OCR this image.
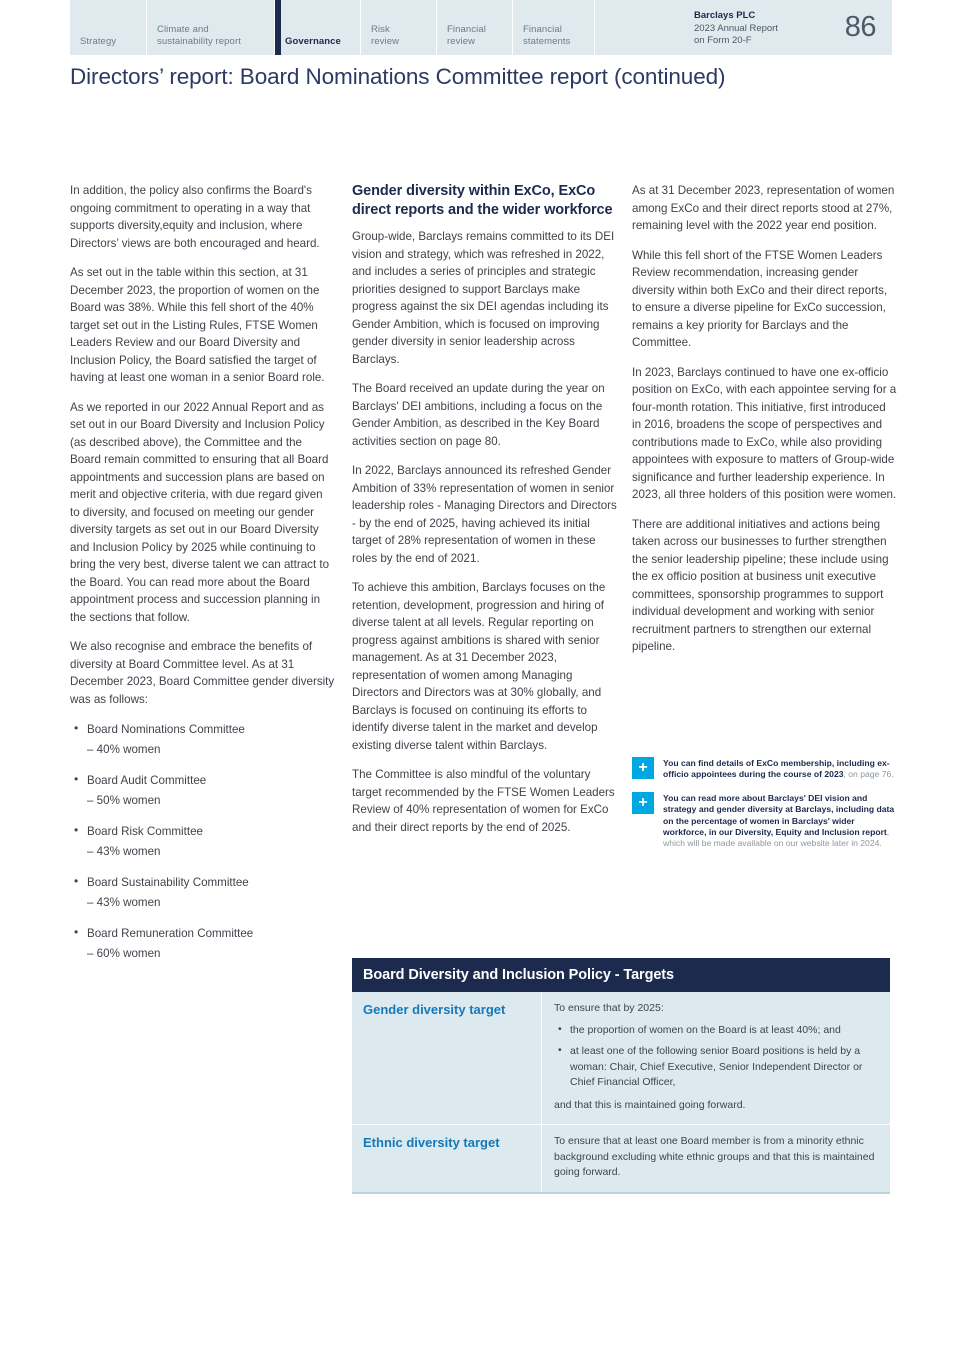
Strategy
Climate and
sustainability report	Governance
Risk
review
Financial
review
Financial
statements
Barclays PLC
2023 Annual Report
on Form 20-F	86
Directors’ report: Board Nominations Committee report (continued)

In addition, the policy also confirms the Board's ongoing commitment to operating in a way that supports diversity,equity and inclusion, where Directors’ views are both encouraged and heard.

As set out in the table within this section, at 31 December 2023, the proportion of women on the Board was 38%. While this fell short of the 40% target set out in the Listing Rules, FTSE Women Leaders Review and our Board Diversity and Inclusion Policy, the Board satisfied the target of having at least one woman in a senior Board role.

As we reported in our 2022 Annual Report and as set out in our Board Diversity and Inclusion Policy (as described above), the Committee and the Board remain committed to ensuring that all Board appointments and succession plans are based on merit and objective criteria, with due regard given to diversity, and focused on meeting our gender diversity targets as set out in our Board Diversity and Inclusion Policy by 2025 while continuing to bring the very best, diverse talent we can attract to the Board. You can read more about the Board appointment process and succession planning in the sections that follow.

We also recognise and embrace the benefits of diversity at Board Committee level. As at 31 December 2023, Board Committee gender diversity was as follows:

• Board Nominations Committee
– 40% women
• Board Audit Committee
– 50% women
• Board Risk Committee
– 43% women
• Board Sustainability Committee
– 43% women
• Board Remuneration Committee
– 60% women
Gender diversity within ExCo, ExCo direct reports and the wider workforce

Group-wide, Barclays remains committed to its DEI vision and strategy, which was refreshed in 2022, and includes a series of principles and strategic priorities designed to support Barclays make progress against the six DEI agendas including its Gender Ambition, which is focused on improving gender diversity in senior leadership across Barclays.

The Board received an update during the year on Barclays' DEI ambitions, including a focus on the Gender Ambition, as described in the Key Board activities section on page 80.

In 2022, Barclays announced its refreshed Gender Ambition of 33% representation of women in senior leadership roles - Managing Directors and Directors - by the end of 2025, having achieved its initial target of 28% representation of women in these roles by the end of 2021.

To achieve this ambition, Barclays focuses on the retention, development, progression and hiring of diverse talent at all levels. Regular reporting on progress against ambitions is shared with senior management. As at 31 December 2023, representation of women among Managing Directors and Directors was at 30% globally, and Barclays is focused on continuing its efforts to identify diverse talent in the market and develop existing diverse talent within Barclays.

The Committee is also mindful of the voluntary target recommended by the FTSE Women Leaders Review of 40% representation of women for ExCo and their direct reports by the end of 2025.

As at 31 December 2023, representation of women among ExCo and their direct reports stood at 27%, remaining level with the 2022 year end position.

While this fell short of the FTSE Women Leaders Review recommendation, increasing gender diversity within both ExCo and their direct reports, to ensure a diverse pipeline for ExCo succession, remains a key priority for Barclays and the Committee.

In 2023, Barclays continued to have one ex-officio position on ExCo, with each appointee serving for a four-month rotation. This initiative, first introduced in 2016, broadens the scope of perspectives and contributions made to ExCo, while also providing appointees with exposure to matters of Group-wide significance and further leadership experience. In 2023, all three holders of this position were women.

There are additional initiatives and actions being taken across our businesses to further strengthen the senior leadership pipeline; these include using the ex officio position at business unit executive committees, sponsorship programmes to support individual development and working with senior recruitment partners to strengthen our external pipeline.

+	You can find details of ExCo membership, including ex-officio appointees during the course of 2023, on page 76.
+	You can read more about Barclays' DEI vision and strategy and gender diversity at Barclays, including data on the percentage of women in Barclays' wider workforce, in our Diversity, Equity and Inclusion report, which will be made available on our website later in 2024.
Board Diversity and Inclusion Policy - Targets
Gender diversity target	To ensure that by 2025:

• the proportion of women on the Board is at least 40%; and
• at least one of the following senior Board positions is held by a woman: Chair, Chief Executive, Senior Independent Director or Chief Financial Officer,

and that this is maintained going forward.

Ethnic diversity target	To ensure that at least one Board member is from a minority ethnic background excluding white ethnic groups and that this is maintained going forward.
